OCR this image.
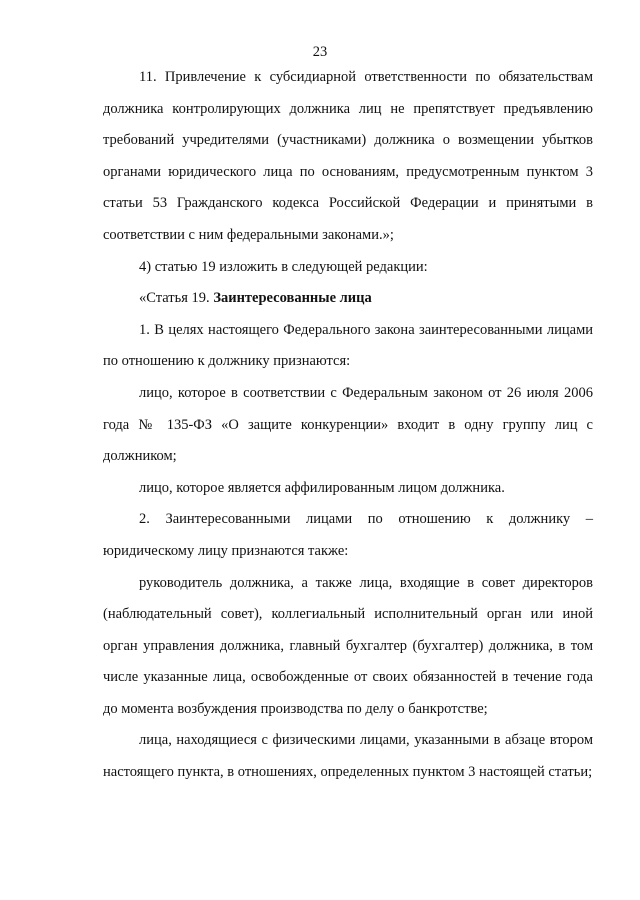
23

11. Привлечение к субсидиарной ответственности по обязательствам должника контролирующих должника лиц не препятствует предъявлению требований учредителями (участниками) должника о возмещении убытков органами юридического лица по основаниям, предусмотренным пунктом 3 статьи 53 Гражданского кодекса Российской Федерации и принятыми в соответствии с ним федеральными законами.»;

4) статью 19 изложить в следующей редакции:

«Статья 19. Заинтересованные лица

1. В целях настоящего Федерального закона заинтересованными лицами по отношению к должнику признаются:

лицо, которое в соответствии с Федеральным законом от 26 июля 2006 года № 135-ФЗ «О защите конкуренции» входит в одну группу лиц с должником;

лицо, которое является аффилированным лицом должника.

2. Заинтересованными лицами по отношению к должнику – юридическому лицу признаются также:

руководитель должника, а также лица, входящие в совет директоров (наблюдательный совет), коллегиальный исполнительный орган или иной орган управления должника, главный бухгалтер (бухгалтер) должника, в том числе указанные лица, освобожденные от своих обязанностей в течение года до момента возбуждения производства по делу о банкротстве;

лица, находящиеся с физическими лицами, указанными в абзаце втором настоящего пункта, в отношениях, определенных пунктом 3 настоящей статьи;
